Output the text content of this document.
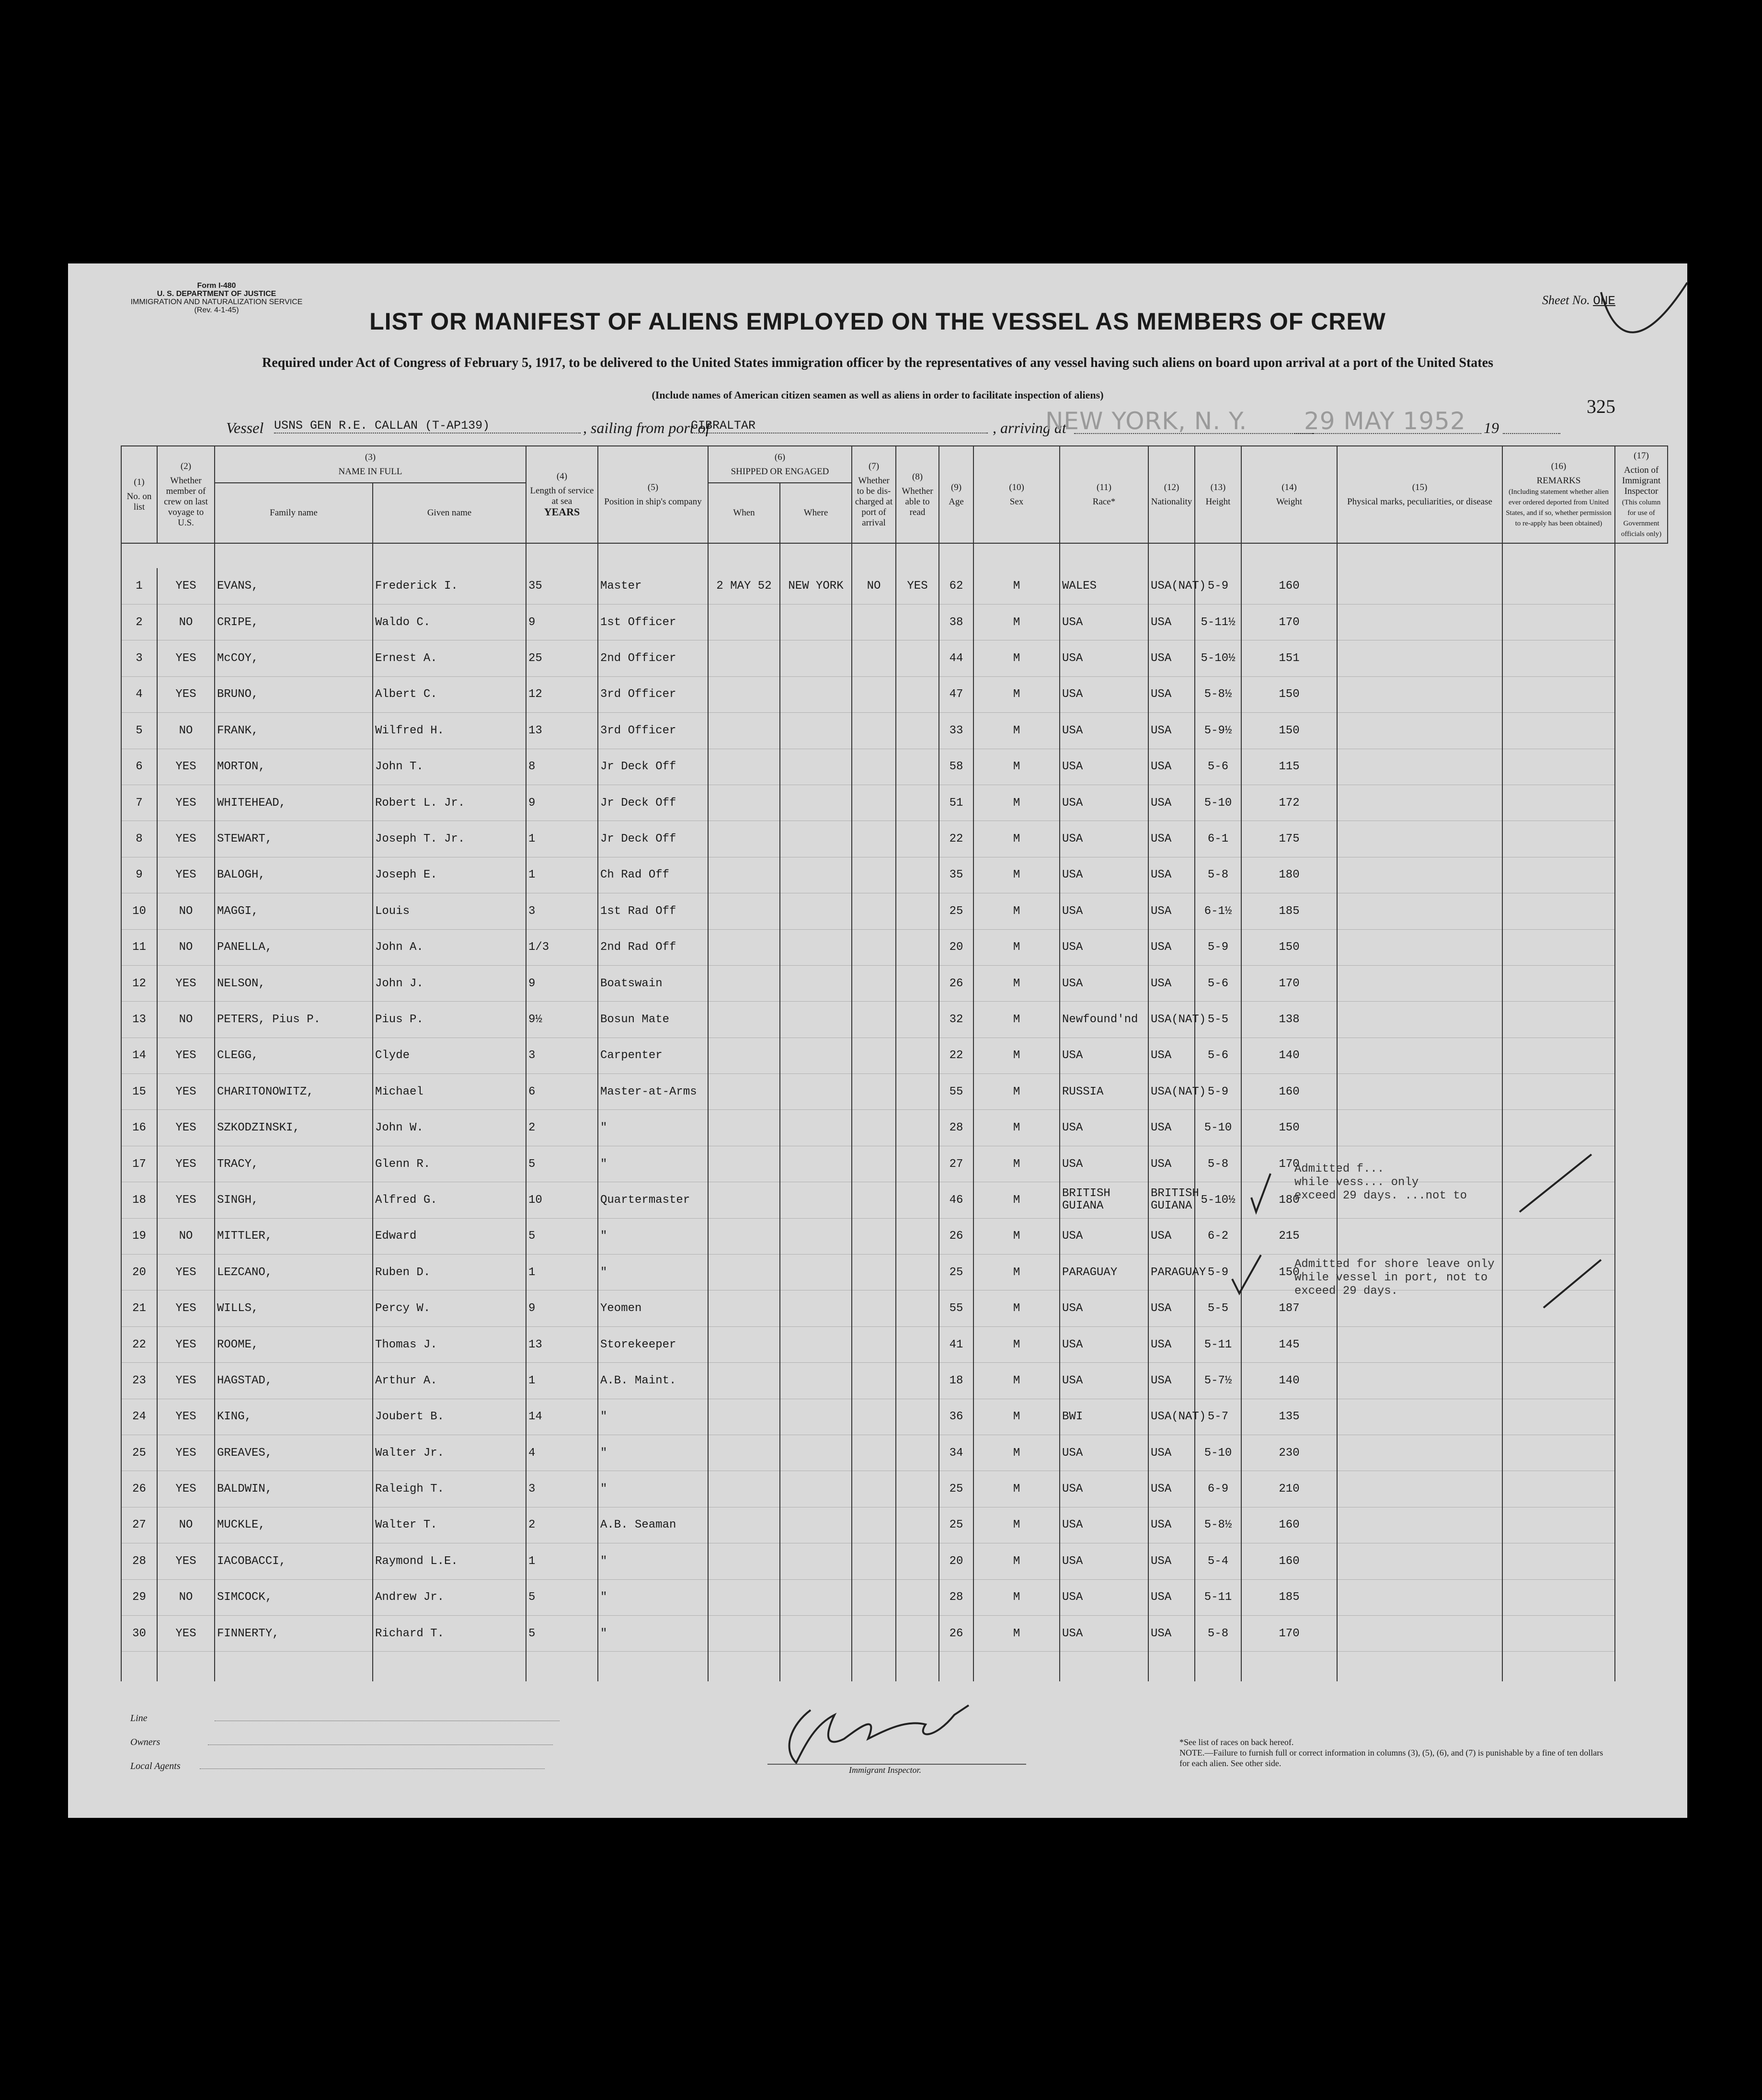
Form I-480
U. S. DEPARTMENT OF JUSTICE
IMMIGRATION AND NATURALIZATION SERVICE
(Rev. 4-1-45)
Sheet No. ONE
LIST OR MANIFEST OF ALIENS EMPLOYED ON THE VESSEL AS MEMBERS OF CREW
Required under Act of Congress of February 5, 1917, to be delivered to the United States immigration officer by the representatives of any vessel having such aliens on board upon arrival at a port of the United States
(Include names of American citizen seamen as well as aliens in order to facilitate inspection of aliens)
325
Vessel USNS GEN R.E. CALLAN (T-AP139)	, sailing from port of
GIBRALTAR	, arriving at
NEW YORK, N. Y. 29 MAY 1952 19
(1)
No. on list	(2)
Whether member of crew on last voyage to U.S.	(3)
NAME IN FULL		(4)
Length of service at sea
YEARS	(5)
Position in ship's company	(6)
SHIPPED OR ENGAGED		(7)
Whether to be dis-charged at port of arrival	(8)
Whether able to read	(9)
Age	(10)
Sex	(11)
Race*	(12)
Nationality	(13)
Height	(14)
Weight	(15)
Physical marks, peculiarities, or disease	(16)
REMARKS
(Including statement whether alien ever ordered deported from United States, and if so, whether permission to re-apply has been obtained)	(17)
Action of Immigrant Inspector
(This column for use of Government officials only)
		Family name	Given name			When	Where											

1	YES	EVANS,	Frederick I.	35	Master	2 MAY 52	NEW YORK	NO	YES	62	M	WALES	USA(NAT)	5-9	160			
2	NO	CRIPE,	Waldo C.	9	1st Officer					38	M	USA	USA	5-11½	170			
3	YES	McCOY,	Ernest A.	25	2nd Officer					44	M	USA	USA	5-10½	151			
4	YES	BRUNO,	Albert C.	12	3rd Officer					47	M	USA	USA	5-8½	150			
5	NO	FRANK,	Wilfred H.	13	3rd Officer					33	M	USA	USA	5-9½	150			
6	YES	MORTON,	John T.	8	Jr Deck Off					58	M	USA	USA	5-6	115			
7	YES	WHITEHEAD,	Robert L. Jr.	9	Jr Deck Off					51	M	USA	USA	5-10	172			
8	YES	STEWART,	Joseph T. Jr.	1	Jr Deck Off					22	M	USA	USA	6-1	175			
9	YES	BALOGH,	Joseph E.	1	Ch Rad Off					35	M	USA	USA	5-8	180			
10	NO	MAGGI,	Louis	3	1st Rad Off					25	M	USA	USA	6-1½	185			
11	NO	PANELLA,	John A.	1/3	2nd Rad Off					20	M	USA	USA	5-9	150			
12	YES	NELSON,	John J.	9	Boatswain					26	M	USA	USA	5-6	170			
13	NO	PETERS, Pius P.	Pius P.	9½	Bosun Mate					32	M	Newfound'nd	USA(NAT)	5-5	138			
14	YES	CLEGG,	Clyde	3	Carpenter					22	M	USA	USA	5-6	140			
15	YES	CHARITONOWITZ,	Michael	6	Master-at-Arms					55	M	RUSSIA	USA(NAT)	5-9	160			
16	YES	SZKODZINSKI,	John W.	2	"					28	M	USA	USA	5-10	150			
17	YES	TRACY,	Glenn R.	5	"					27	M	USA	USA	5-8	170			
18	YES	SINGH,	Alfred G.	10	Quartermaster					46	M	BRITISH GUIANA	BRITISH GUIANA	5-10½	180			
19	NO	MITTLER,	Edward	5	"					26	M	USA	USA	6-2	215			
20	YES	LEZCANO,	Ruben D.	1	"					25	M	PARAGUAY	PARAGUAY	5-9	150			
21	YES	WILLS,	Percy W.	9	Yeomen					55	M	USA	USA	5-5	187			
22	YES	ROOME,	Thomas J.	13	Storekeeper					41	M	USA	USA	5-11	145			
23	YES	HAGSTAD,	Arthur A.	1	A.B. Maint.					18	M	USA	USA	5-7½	140			
24	YES	KING,	Joubert B.	14	"					36	M	BWI	USA(NAT)	5-7	135			
25	YES	GREAVES,	Walter Jr.	4	"					34	M	USA	USA	5-10	230			
26	YES	BALDWIN,	Raleigh T.	3	"					25	M	USA	USA	6-9	210			
27	NO	MUCKLE,	Walter T.	2	A.B. Seaman					25	M	USA	USA	5-8½	160			
28	YES	IACOBACCI,	Raymond L.E.	1	"					20	M	USA	USA	5-4	160			
29	NO	SIMCOCK,	Andrew Jr.	5	"					28	M	USA	USA	5-11	185			
30	YES	FINNERTY,	Richard T.	5	"					26	M	USA	USA	5-8	170			

Admitted f...
while vess... only
exceed 29 days. ...not to
Admitted for shore leave only
while vessel in port, not to
exceed 29 days.
Line
Owners
Local Agents	Immigrant Inspector.
*See list of races on back hereof.
NOTE.—Failure to furnish full or correct information in columns (3), (5), (6), and (7) is punishable by a fine of ten dollars for each alien. See other side.
